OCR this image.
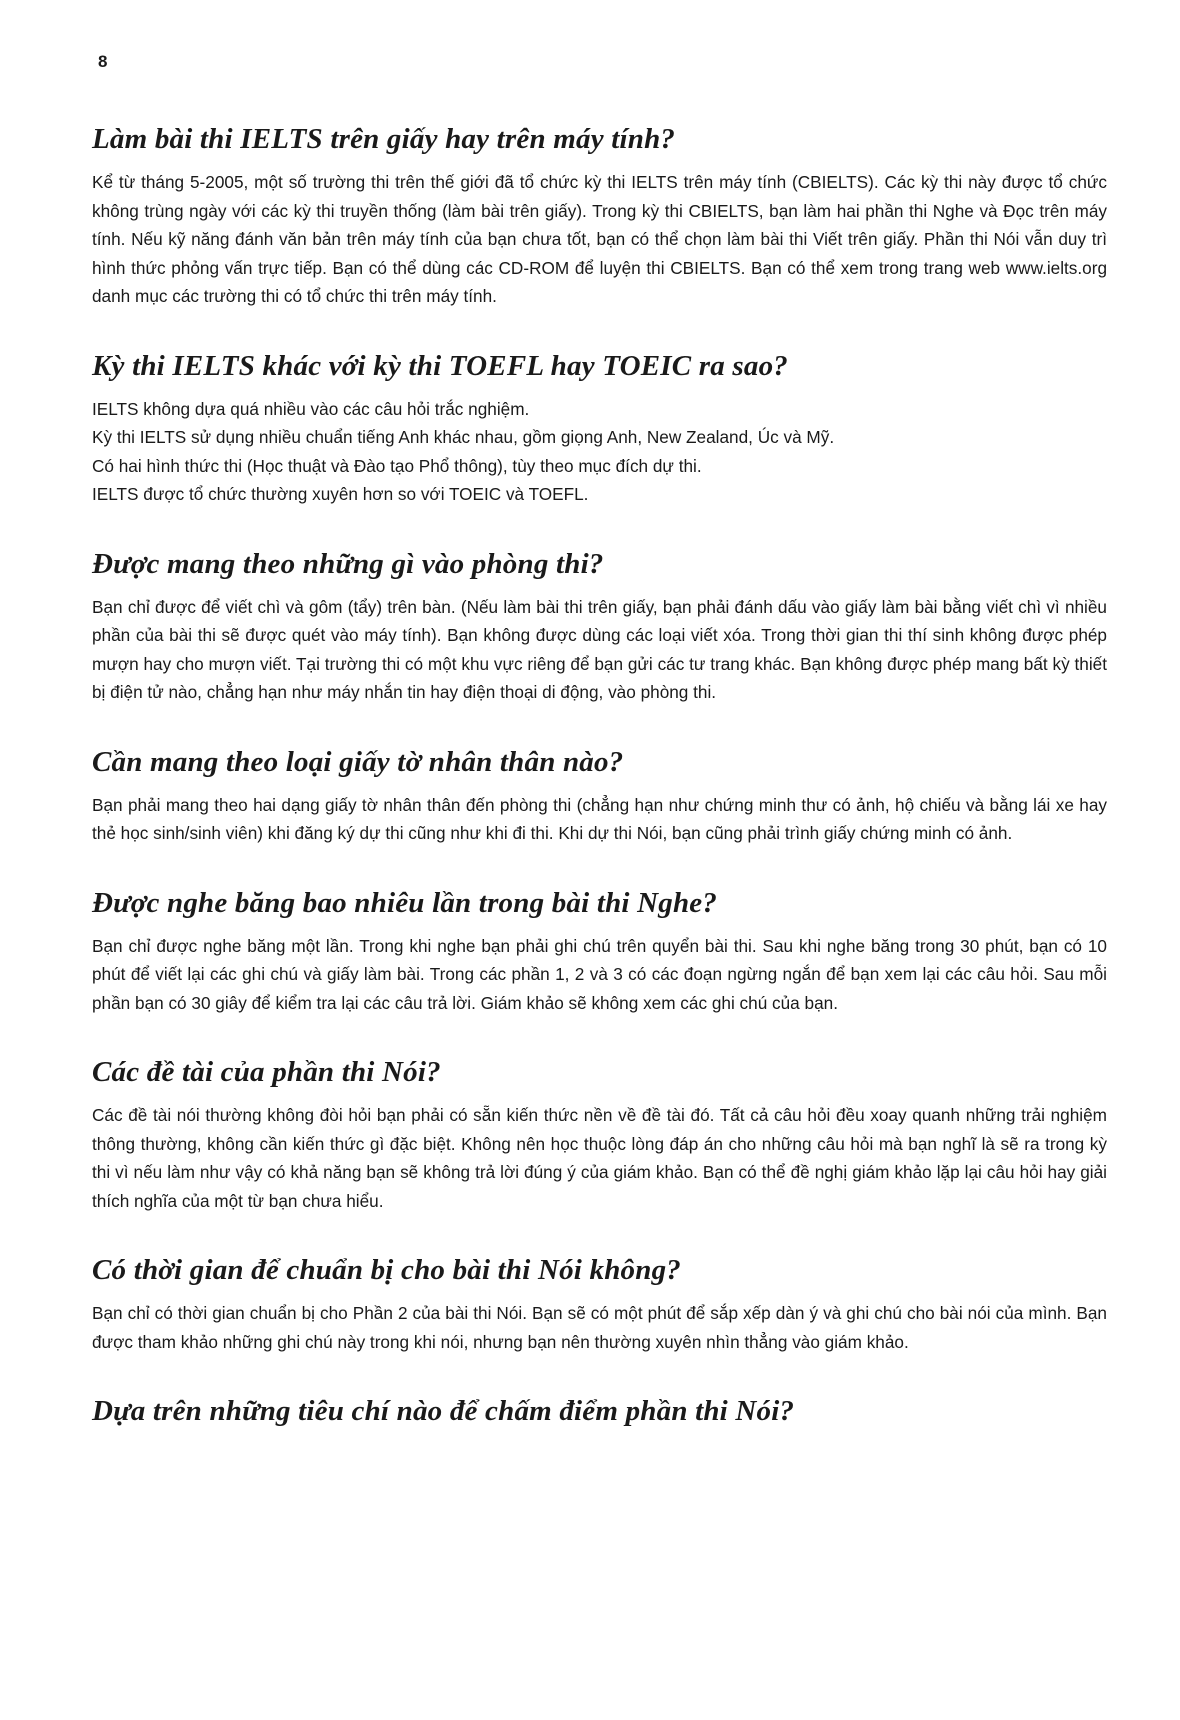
8
Làm bài thi IELTS trên giấy hay trên máy tính?

Kể từ tháng 5-2005, một số trường thi trên thế giới đã tổ chức kỳ thi IELTS trên máy tính (CBIELTS). Các kỳ thi này được tổ chức không trùng ngày với các kỳ thi truyền thống (làm bài trên giấy). Trong kỳ thi CBIELTS, bạn làm hai phần thi Nghe và Đọc trên máy tính. Nếu kỹ năng đánh văn bản trên máy tính của bạn chưa tốt, bạn có thể chọn làm bài thi Viết trên giấy. Phần thi Nói vẫn duy trì hình thức phỏng vấn trực tiếp. Bạn có thể dùng các CD-ROM để luyện thi CBIELTS. Bạn có thể xem trong trang web www.ielts.org danh mục các trường thi có tổ chức thi trên máy tính.

Kỳ thi IELTS khác với kỳ thi TOEFL hay TOEIC ra sao?
IELTS không dựa quá nhiều vào các câu hỏi trắc nghiệm.
Kỳ thi IELTS sử dụng nhiều chuẩn tiếng Anh khác nhau, gồm giọng Anh, New Zealand, Úc và Mỹ.
Có hai hình thức thi (Học thuật và Đào tạo Phổ thông), tùy theo mục đích dự thi.
IELTS được tổ chức thường xuyên hơn so với TOEIC và TOEFL.
Được mang theo những gì vào phòng thi?

Bạn chỉ được để viết chì và gôm (tẩy) trên bàn. (Nếu làm bài thi trên giấy, bạn phải đánh dấu vào giấy làm bài bằng viết chì vì nhiều phần của bài thi sẽ được quét vào máy tính). Bạn không được dùng các loại viết xóa. Trong thời gian thi thí sinh không được phép mượn hay cho mượn viết. Tại trường thi có một khu vực riêng để bạn gửi các tư trang khác. Bạn không được phép mang bất kỳ thiết bị điện tử nào, chẳng hạn như máy nhắn tin hay điện thoại di động, vào phòng thi.

Cần mang theo loại giấy tờ nhân thân nào?

Bạn phải mang theo hai dạng giấy tờ nhân thân đến phòng thi (chẳng hạn như chứng minh thư có ảnh, hộ chiếu và bằng lái xe hay thẻ học sinh/sinh viên) khi đăng ký dự thi cũng như khi đi thi. Khi dự thi Nói, bạn cũng phải trình giấy chứng minh có ảnh.

Được nghe băng bao nhiêu lần trong bài thi Nghe?

Bạn chỉ được nghe băng một lần. Trong khi nghe bạn phải ghi chú trên quyển bài thi. Sau khi nghe băng trong 30 phút, bạn có 10 phút để viết lại các ghi chú và giấy làm bài. Trong các phần 1, 2 và 3 có các đoạn ngừng ngắn để bạn xem lại các câu hỏi. Sau mỗi phần bạn có 30 giây để kiểm tra lại các câu trả lời. Giám khảo sẽ không xem các ghi chú của bạn.

Các đề tài của phần thi Nói?

Các đề tài nói thường không đòi hỏi bạn phải có sẵn kiến thức nền về đề tài đó. Tất cả câu hỏi đều xoay quanh những trải nghiệm thông thường, không cần kiến thức gì đặc biệt. Không nên học thuộc lòng đáp án cho những câu hỏi mà bạn nghĩ là sẽ ra trong kỳ thi vì nếu làm như vậy có khả năng bạn sẽ không trả lời đúng ý của giám khảo. Bạn có thể đề nghị giám khảo lặp lại câu hỏi hay giải thích nghĩa của một từ bạn chưa hiểu.

Có thời gian để chuẩn bị cho bài thi Nói không?

Bạn chỉ có thời gian chuẩn bị cho Phần 2 của bài thi Nói. Bạn sẽ có một phút để sắp xếp dàn ý và ghi chú cho bài nói của mình. Bạn được tham khảo những ghi chú này trong khi nói, nhưng bạn nên thường xuyên nhìn thẳng vào giám khảo.

Dựa trên những tiêu chí nào để chấm điểm phần thi Nói?
